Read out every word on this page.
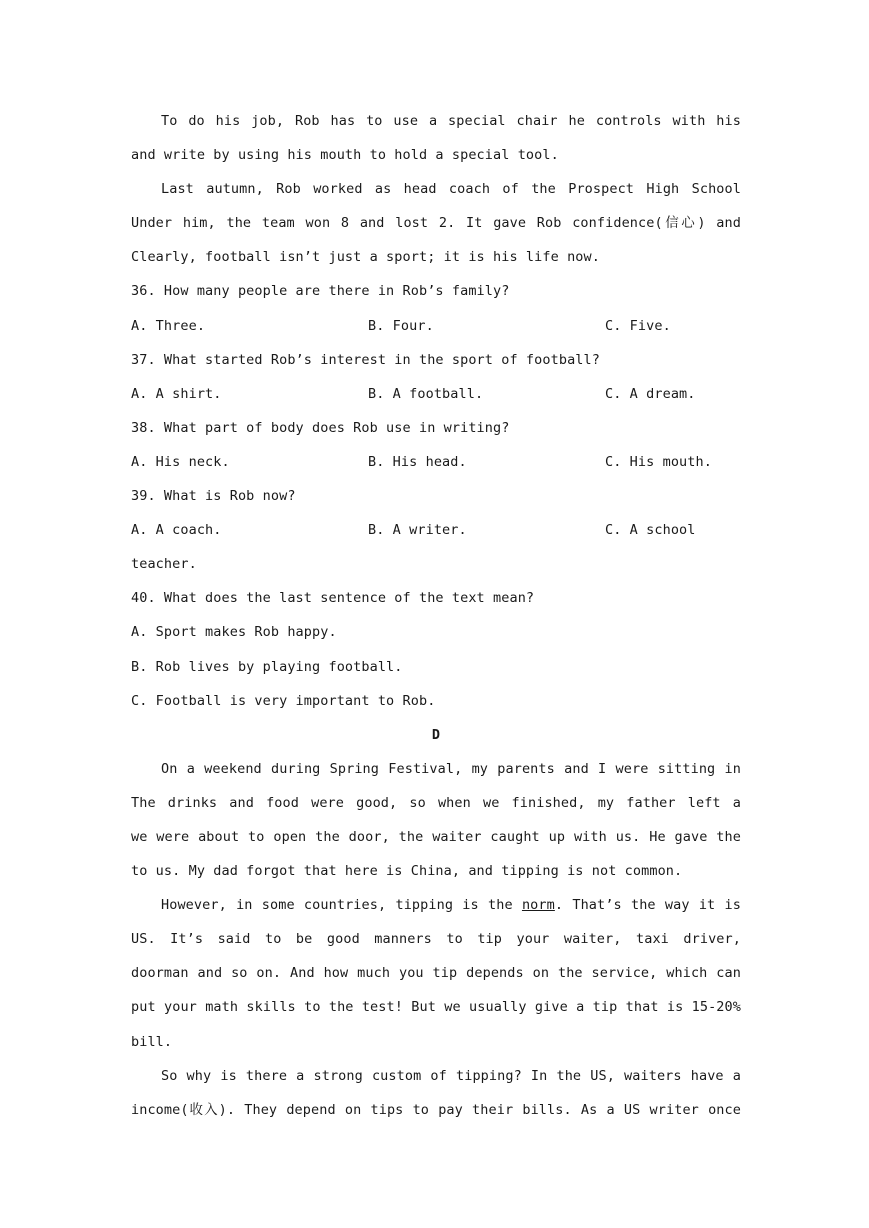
To do his job, Rob has to use a special chair he controls with his
and write by using his mouth to hold a special tool.
Last autumn, Rob worked as head coach of the Prospect High School
Under him, the team won 8 and lost 2. It gave Rob confidence(信心) and
Clearly, football isn’t just a sport; it is his life now.
36. How many people are there in Rob’s family?
A. Three.	B. Four.	C. Five.
37. What started Rob’s interest in the sport of football?
A. A shirt.	B. A football.	C. A dream.
38. What part of body does Rob use in writing?
A. His neck.	B. His head.	C. His mouth.
39. What is Rob now?
A. A coach.	B. A writer.	C. A school
teacher.
40. What does the last sentence of the text mean?
A. Sport makes Rob happy.
B. Rob lives by playing football.
C. Football is very important to Rob.
D
On a weekend during Spring Festival, my parents and I were sitting in
The drinks and food were good, so when we finished, my father left a
we were about to open the door, the waiter caught up with us. He gave the
to us. My dad forgot that here is China, and tipping is not common.
However, in some countries, tipping is the norm. That’s the way it is
US. It’s said to be good manners to tip your waiter, taxi driver,
doorman and so on. And how much you tip depends on the service, which can
put your math skills to the test! But we usually give a tip that is 15-20%
bill.
So why is there a strong custom of tipping? In the US, waiters have a
income(收入). They depend on tips to pay their bills. As a US writer once
